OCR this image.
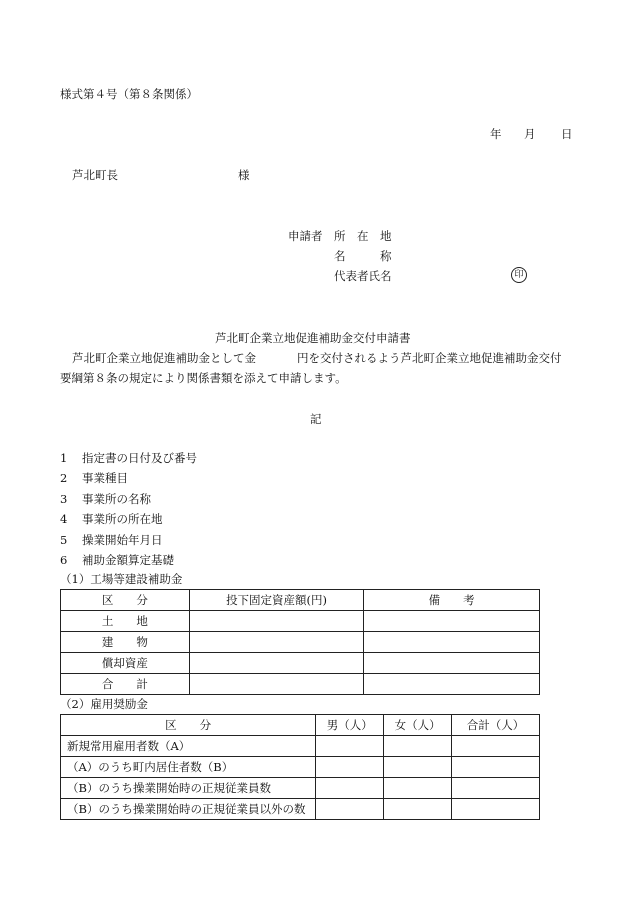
様式第４号（第８条関係）
年 月 日
芦北町長	様
申請者 所　在　地
名　　　称
代表者氏名	印
芦北町企業立地促進補助金交付申請書
芦北町企業立地促進補助金として金	円を交付されるよう芦北町企業立地促進補助金交付
要綱第８条の規定により関係書類を添えて申請します。
記
1 指定書の日付及び番号
2 事業種目
3 事業所の名称
4 事業所の所在地
5 操業開始年月日
6 補助金額算定基礎
（1）工場等建設補助金
区　　分	投下固定資産額(円)	備　　考
土　　地		
建　　物		
償却資産		
合　　計		
（2）雇用奨励金
区　　分	男（人）	女（人）	合計（人）
新規常用雇用者数（A）			
（A）のうち町内居住者数（B）			
（B）のうち操業開始時の正規従業員数			
（B）のうち操業開始時の正規従業員以外の数			
